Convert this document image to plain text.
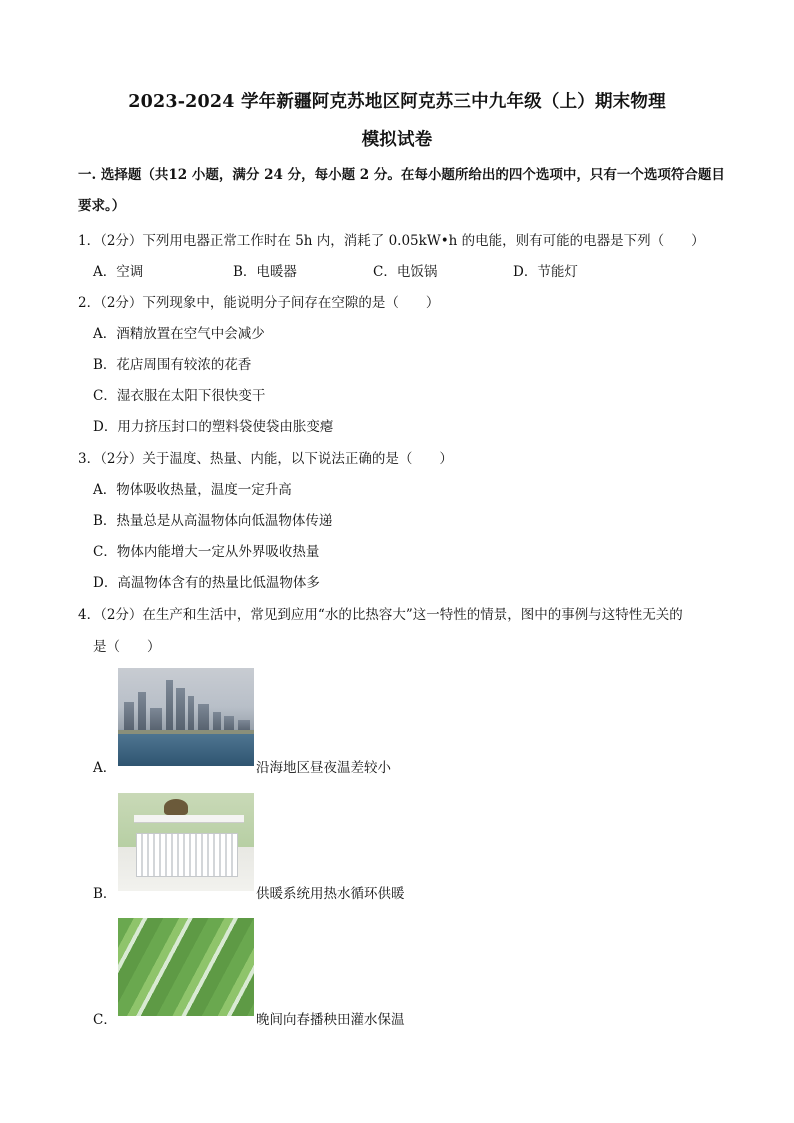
2023-2024 学年新疆阿克苏地区阿克苏三中九年级（上）期末物理
模拟试卷
一. 选择题（共12 小题，满分 24 分，每小题 2 分。在每小题所给出的四个选项中，只有一个选项符合题目要求。）
1．（2分）下列用电器正常工作时在 5h 内，消耗了 0.05kW•h 的电能，则有可能的电器是下列（　　）
A．空调	B．电暖器	C．电饭锅	D．节能灯
2．（2分）下列现象中，能说明分子间存在空隙的是（　　）
A．酒精放置在空气中会减少
B．花店周围有较浓的花香
C．湿衣服在太阳下很快变干
D．用力挤压封口的塑料袋使袋由胀变瘪
3．（2分）关于温度、热量、内能，以下说法正确的是（　　）
A．物体吸收热量，温度一定升高
B．热量总是从高温物体向低温物体传递
C．物体内能增大一定从外界吸收热量
D．高温物体含有的热量比低温物体多
4．（2分）在生产和生活中，常见到应用“水的比热容大”这一特性的情景，图中的事例与这特性无关的
是（　　）
A．	沿海地区昼夜温差较小
B．	供暖系统用热水循环供暖
C．	晚间向春播秧田灌水保温
